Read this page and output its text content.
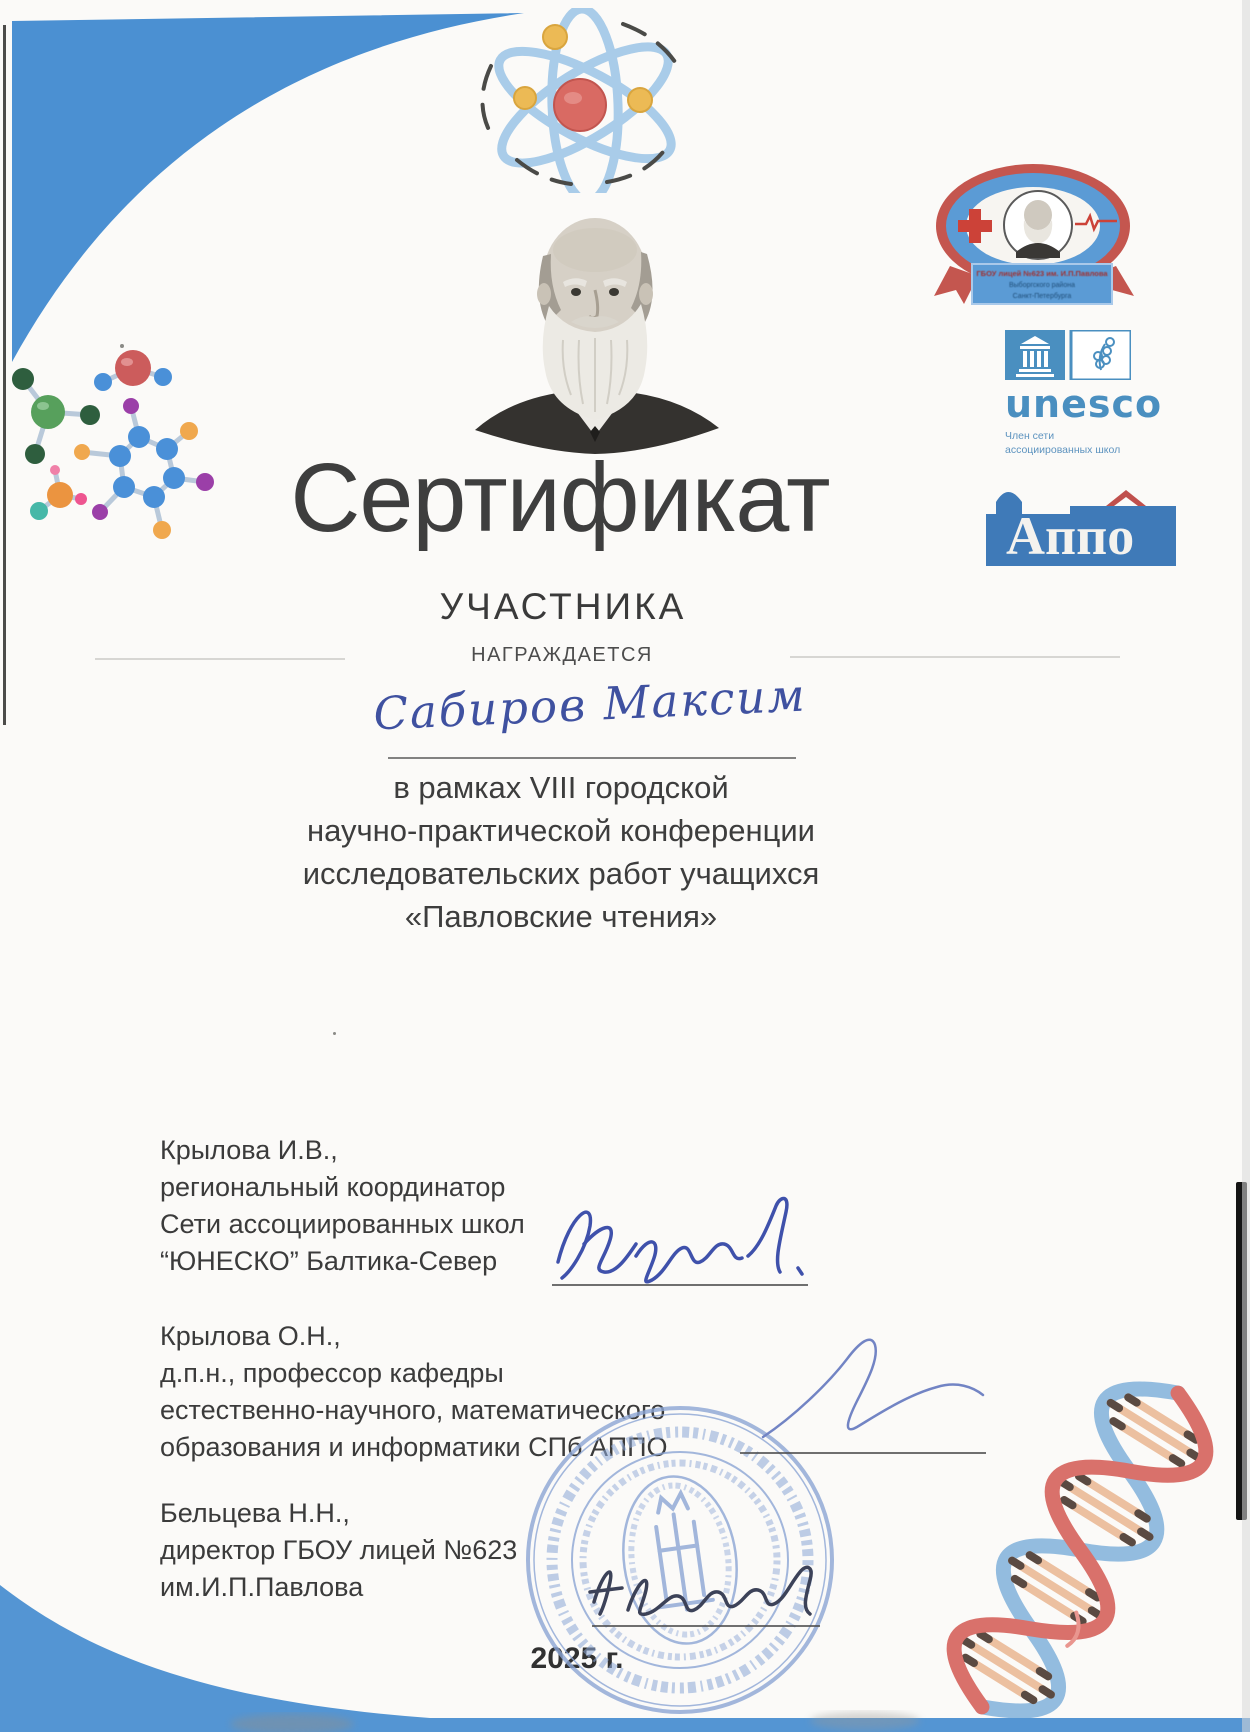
ГБОУ лицей №623 им. И.П.Павлова
Выборгского района
Санкт-Петербурга
unesco
Член сети
ассоциированных школ
Аппо
Сертификат
УЧАСТНИКА
НАГРАЖДАЕТСЯ
Сабиров Максим
в рамках VIII городской
научно-практической конференции
исследовательских работ учащихся
«Павловские чтения»
Крылова И.В.,
региональный координатор
Сети ассоциированных школ
“ЮНЕСКО” Балтика-Север
Крылова О.Н.,
д.п.н., профессор кафедры
естественно-научного, математического
образования и информатики СПб АППО
Бельцева Н.Н.,
директор ГБОУ лицей №623
им.И.П.Павлова
2025 г.
